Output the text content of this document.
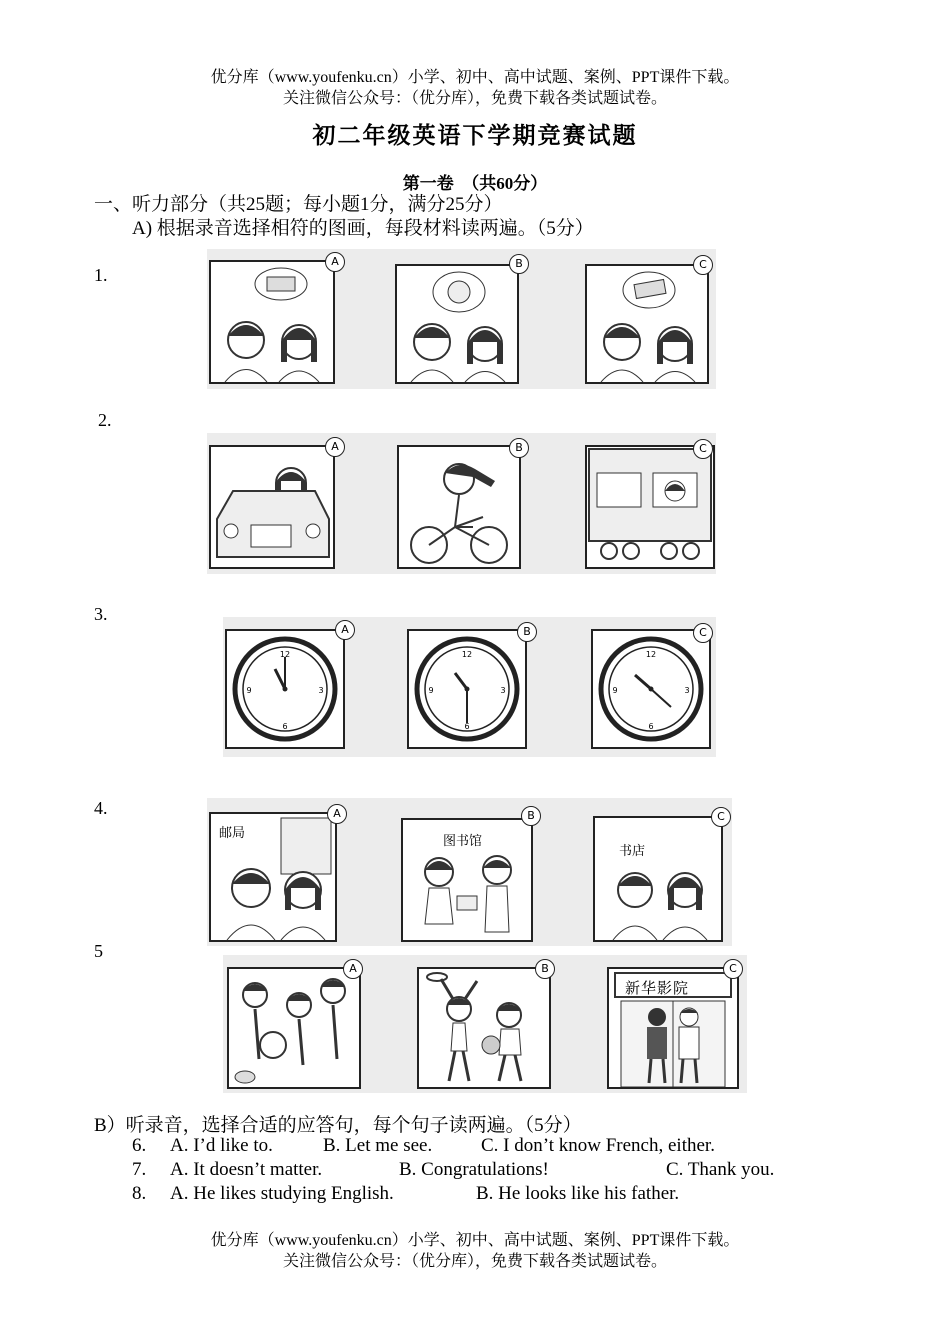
优分库（www.youfenku.cn）小学、初中、高中试题、案例、PPT课件下载。
关注微信公众号：（优分库），免费下载各类试题试卷。
初二年级英语下学期竞赛试题
第一卷　（共60分）
一、听力部分（共25题；每小题1分，满分25分）
A) 根据录音选择相符的图画，每段材料读两遍。（5分）
1.
A	B	C
2.
A	B	C
3.
12
3
6
9
A
12
3
6
9
B
12
3
6
9
C
4.
邮局
A
图书馆
B
书店
C
5
A	B
新华影院
C
B）听录音，选择合适的应答句，每个句子读两遍。（5分）
6. A. I’d like to.	B. Let me see.	C. I don’t know French, either.
7. A. It doesn’t matter.	B. Congratulations!	C. Thank you.
8. A. He likes studying English.	B. He looks like his father.
优分库（www.youfenku.cn）小学、初中、高中试题、案例、PPT课件下载。
关注微信公众号：（优分库），免费下载各类试题试卷。
